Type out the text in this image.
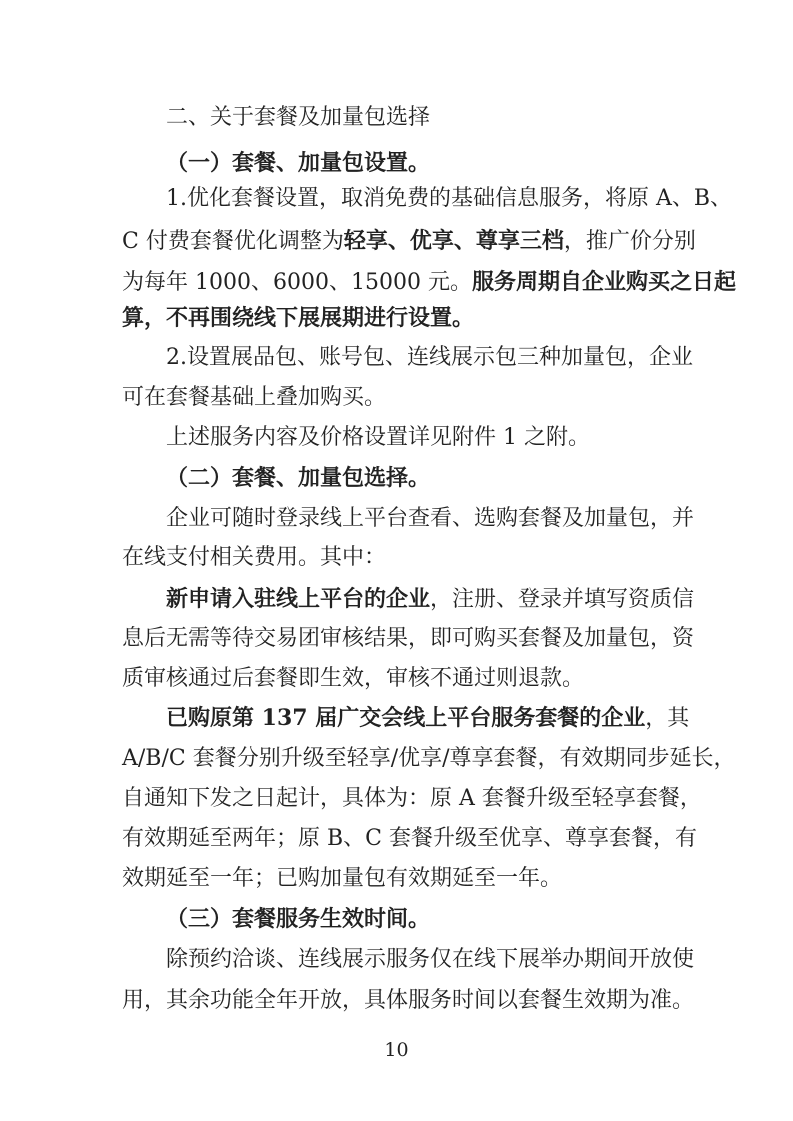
二、关于套餐及加量包选择
（一）套餐、加量包设置。
1.优化套餐设置，取消免费的基础信息服务，将原 A、B、
C 付费套餐优化调整为轻享、优享、尊享三档，推广价分别
为每年 1000、6000、15000 元。服务周期自企业购买之日起
算，不再围绕线下展展期进行设置。
2.设置展品包、账号包、连线展示包三种加量包，企业
可在套餐基础上叠加购买。
上述服务内容及价格设置详见附件 1 之附。
（二）套餐、加量包选择。
企业可随时登录线上平台查看、选购套餐及加量包，并
在线支付相关费用。其中：
新申请入驻线上平台的企业，注册、登录并填写资质信
息后无需等待交易团审核结果，即可购买套餐及加量包，资
质审核通过后套餐即生效，审核不通过则退款。
已购原第 137 届广交会线上平台服务套餐的企业，其
A/B/C 套餐分别升级至轻享/优享/尊享套餐，有效期同步延长，
自通知下发之日起计，具体为：原 A 套餐升级至轻享套餐，
有效期延至两年；原 B、C 套餐升级至优享、尊享套餐，有
效期延至一年；已购加量包有效期延至一年。
（三）套餐服务生效时间。
除预约洽谈、连线展示服务仅在线下展举办期间开放使
用，其余功能全年开放，具体服务时间以套餐生效期为准。
10
